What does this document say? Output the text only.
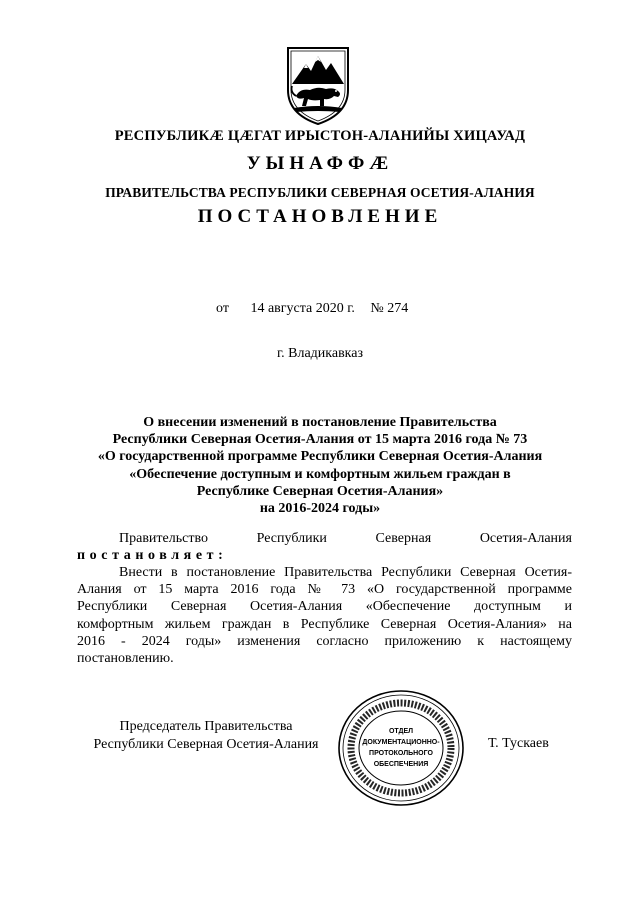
РЕСПУБЛИКӔ ЦӔГАТ ИРЫСТОН-АЛАНИЙЫ ХИЦАУАД
УЫНАФФӔ
ПРАВИТЕЛЬСТВА РЕСПУБЛИКИ СЕВЕРНАЯ ОСЕТИЯ-АЛАНИЯ
ПОСТАНОВЛЕНИЕ
от 14 августа 2020 г. № 274
г. Владикавказ
О внесении изменений в постановление Правительства
Республики Северная Осетия-Алания от 15 марта 2016 года № 73
«О государственной программе Республики Северная Осетия-Алания
«Обеспечение доступным и комфортным жильем граждан в
Республике Северная Осетия-Алания»
на 2016-2024 годы»
Правительство	Республики	Северная	Осетия-Алания
постановляет:
Внести в постановление Правительства Республики Северная Осетия-
Алания от 15 марта 2016 года № 73 «О государственной программе
Республики Северная Осетия-Алания «Обеспечение доступным и
комфортным жильем граждан в Республике Северная Осетия-Алания» на
2016 - 2024 годы» изменения согласно приложению к настоящему
постановлению.
Председатель Правительства
Республики Северная Осетия-Алания
ОТДЕЛ
ДОКУМЕНТАЦИОННО-
ПРОТОКОЛЬНОГО
ОБЕСПЕЧЕНИЯ
Т. Тускаев
